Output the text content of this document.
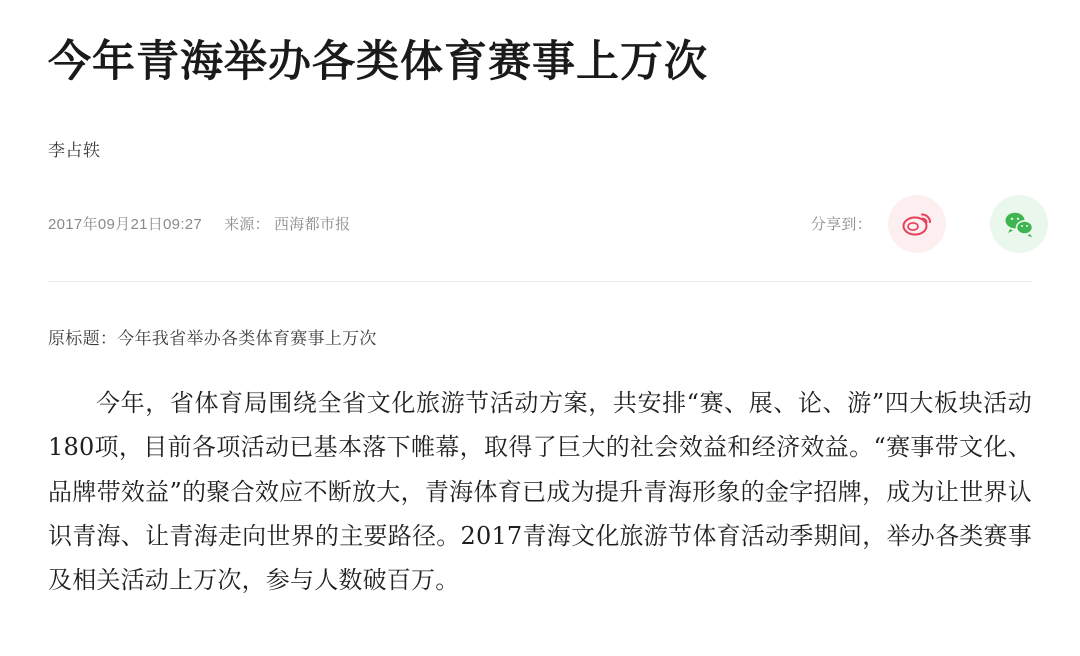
今年青海举办各类体育赛事上万次
李占轶
2017年09月21日09:27 来源： 西海都市报	分享到：
原标题：今年我省举办各类体育赛事上万次

今年，省体育局围绕全省文化旅游节活动方案，共安排“赛、展、论、游”四大板块活动180项，目前各项活动已基本落下帷幕，取得了巨大的社会效益和经济效益。“赛事带文化、品牌带效益”的聚合效应不断放大，青海体育已成为提升青海形象的金字招牌，成为让世界认识青海、让青海走向世界的主要路径。2017青海文化旅游节体育活动季期间，举办各类赛事及相关活动上万次，参与人数破百万。
